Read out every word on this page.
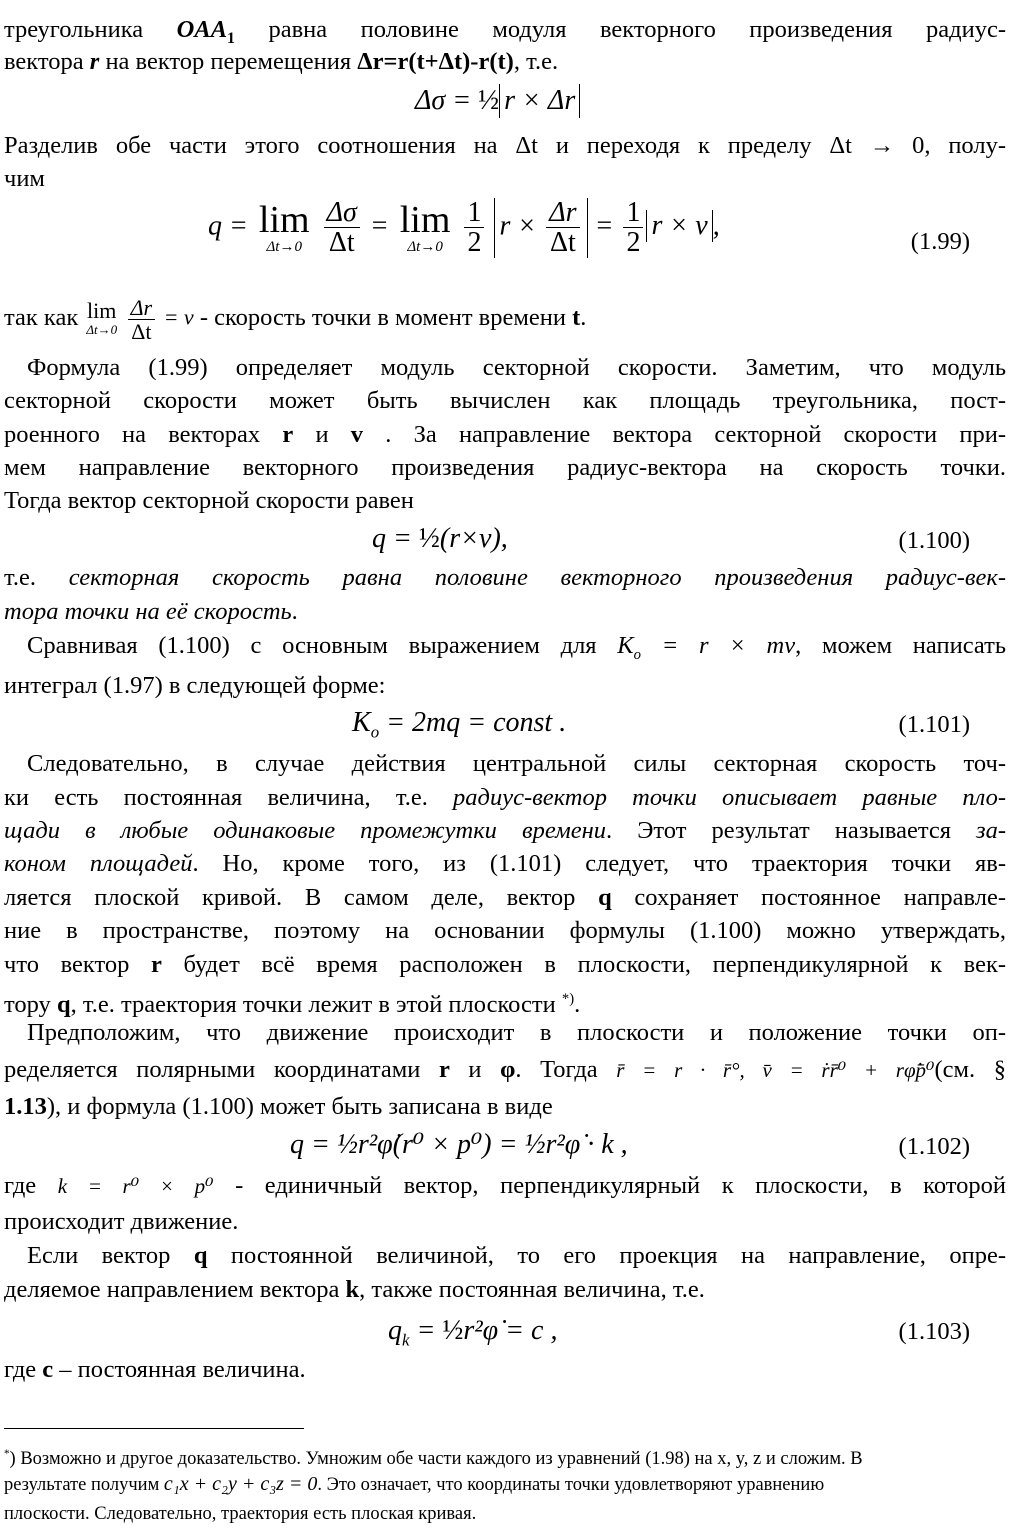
треугольника $OAA_1$ равна половине модуля векторного произведения радиус-
вектора r на вектор перемещения Δr=r(t+Δt)-r(t), т.е.
Δσ = ½ r × Δr
Разделив обе части этого соотношения на Δt и переходя к пределу Δt → 0, полу-
чим
q = lim
Δt→0
$\frac{\Delta\sigma}{\Delta t} = \lim$
Δt→0
$\frac{1}{2}$ $r \times \frac{\Delta r}{\Delta t} = \frac{1}{2}$ r × v ,
(1.99)
так как lim
Δt→0
$\frac{\Delta r}{\Delta t} = v$ - скорость точки в момент времени t.
Формула (1.99) определяет модуль секторной скорости. Заметим, что модуль
секторной скорости может быть вычислен как площадь треугольника, пост-
роенного на векторах r и v . За направление вектора секторной скорости при-
мем направление векторного произведения радиус-вектора на скорость точки.
Тогда вектор секторной скорости равен
q = ½(r×v),	(1.100)
т.е. секторная скорость равна половине векторного произведения радиус-век-
тора точки на её скорость.
Сравнивая (1.100) с основным выражением для $K_o = r$ × mv, можем написать
интеграл (1.97) в следующей форме:
$K_o = 2mq$ = const .	(1.101)
Следовательно, в случае действия центральной силы секторная скорость точ-
ки есть постоянная величина, т.е. радиус-вектор точки описывает равные пло-
щади в любые одинаковые промежутки времени. Этот результат называется за-
коном площадей. Но, кроме того, из (1.101) следует, что траектория точки яв-
ляется плоской кривой. В самом деле, вектор q сохраняет постоянное направле-
ние в пространстве, поэтому на основании формулы (1.100) можно утверждать,
что вектор r будет всё время расположен в плоскости, перпендикулярной к век-
тору q, т.е. траектория точки лежит в этой плоскости *).
Предположим, что движение происходит в плоскости и положение точки оп-
ределяется полярными координатами r и φ. Тогда r̄ = r · r̄°, v̄ = ṙr̄⁰ + rφ̇p̄⁰(см. §
1.13), и формула (1.100) может быть записана в виде
q = ½r²φ̇(r⁰ × p⁰) = ½r²φ̇ · k ,	(1.102)
где k = r⁰ × p⁰ - единичный вектор, перпендикулярный к плоскости, в которой
происходит движение.
Если вектор q постоянной величиной, то его проекция на направление, опре-
деляемое направлением вектора k, также постоянная величина, т.е.
$q_k$ = ½r²φ̇ = c ,	(1.103)
где c – постоянная величина.
*) Возможно и другое доказательство. Умножим обе части каждого из уравнений (1.98) на x, y, z и сложим. В
результате получим c₁x + c₂y + c₃z = 0. Это означает, что координаты точки удовлетворяют уравнению
плоскости. Следовательно, траектория есть плоская кривая.
